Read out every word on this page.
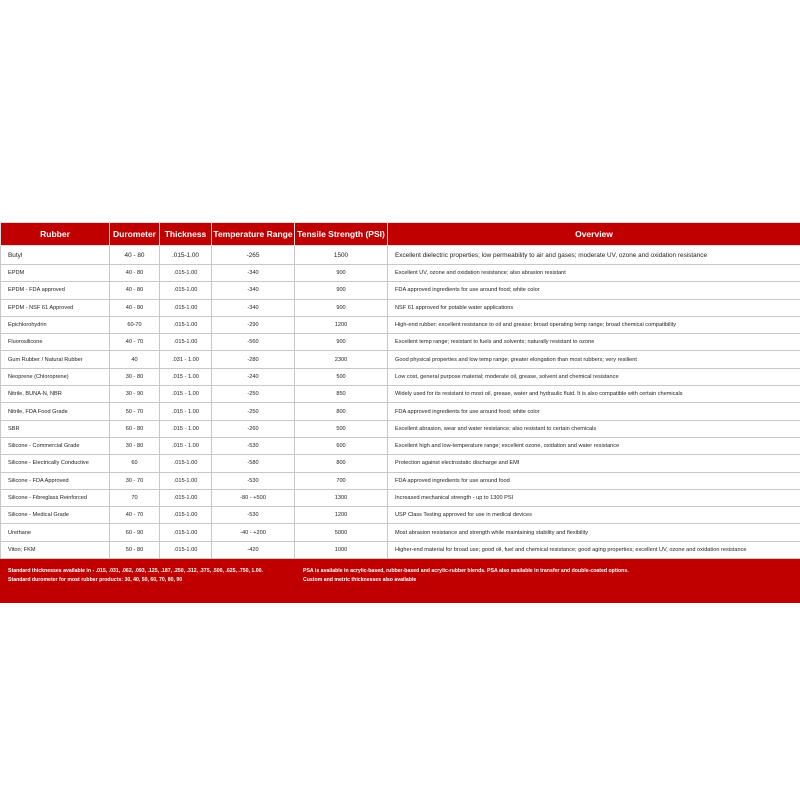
Rubber	Durometer	Thickness	Temperature Range	Tensile Strength (PSI)	Overview
Butyl	40 - 80	.015-1.00	-265	1500	Excellent dielectric properties; low permeability to air and gases; moderate UV, ozone and oxidation resistance
EPDM	40 - 80	.015-1.00	-340	900	Excellent UV, ozone and oxidation resistance; also abrasion resistant
EPDM - FDA approved	40 - 80	.015-1.00	-340	900	FDA approved ingredients for use around food; white color
EPDM - NSF 61 Approved	40 - 80	.015-1.00	-340	900	NSF 61 approved for potable water applications
Epichlorohydrin	60-70	.015-1.00	-290	1200	High-end rubber; excellent resistance to oil and grease; broad operating temp range; broad chemical compatibility
Fluorosilicone	40 - 70	.015-1.00	-560	900	Excellent temp range; resistant to fuels and solvents; naturally resistant to ozone
Gum Rubber / Natural Rubber	40	.031 - 1.00	-280	2300	Good physical properties and low temp range; greater elongation than most rubbers; very resilient
Neoprene (Chloroprene)	30 - 80	.015 - 1.00	-240	500	Low cost, general purpose material; moderate oil, grease, solvent and chemical resistance
Nitrile, BUNA-N, NBR	30 - 90	.015 - 1.00	-250	850	Widely used for its resistant to most oil, grease, water and hydraulic fluid. It is also compatible with certain chemicals
Nitrile, FDA Food Grade	50 - 70	.015 - 1.00	-250	800	FDA approved ingredients for use around food; white color
SBR	60 - 80	.015 - 1.00	-260	500	Excellent abrasion, wear and water resistance; also resistant to certain chemicals
Silicone - Commercial Grade	30 - 80	.015 - 1.00	-530	600	Excellent high and low-temperature range; excellent ozone, oxidation and water resistance
Silicone - Electrically Conductive	60	.015-1.00	-580	800	Protection against electrostatic discharge and EMI
Silicone - FDA Approved	30 - 70	.015-1.00	-530	700	FDA approved ingredients for use around food
Silicone - Fibreglass Reinforced	70	.015-1.00	-80 - +500	1300	Increased mechanical strength - up to 1300 PSI
Silicone - Medical Grade	40 - 70	.015-1.00	-530	1200	USP Class Testing approved for use in medical devices
Urethane	60 - 90	.015-1.00	-40 - +200	5000	Most abrasion resistance and strength while maintaining stability and flexibility
Viton; FKM	50 - 80	.015-1.00	-420	1000	Higher-end material for broad use; good oil, fuel and chemical resistance; good aging properties; excellent UV, ozone and oxidation resistance
Standard thicknesses available in - .015, .031, .062, .093, .125, .187, .250, .312, .375, .500, .625, .750, 1.00.
Standard durometer for most rubber products: 30, 40, 50, 60, 70, 80, 90
PSA is available in acrylic-based, rubber-based and acrylic-rubber blends. PSA also available in transfer and double-coated options.
Custom and metric thicknesses also available
